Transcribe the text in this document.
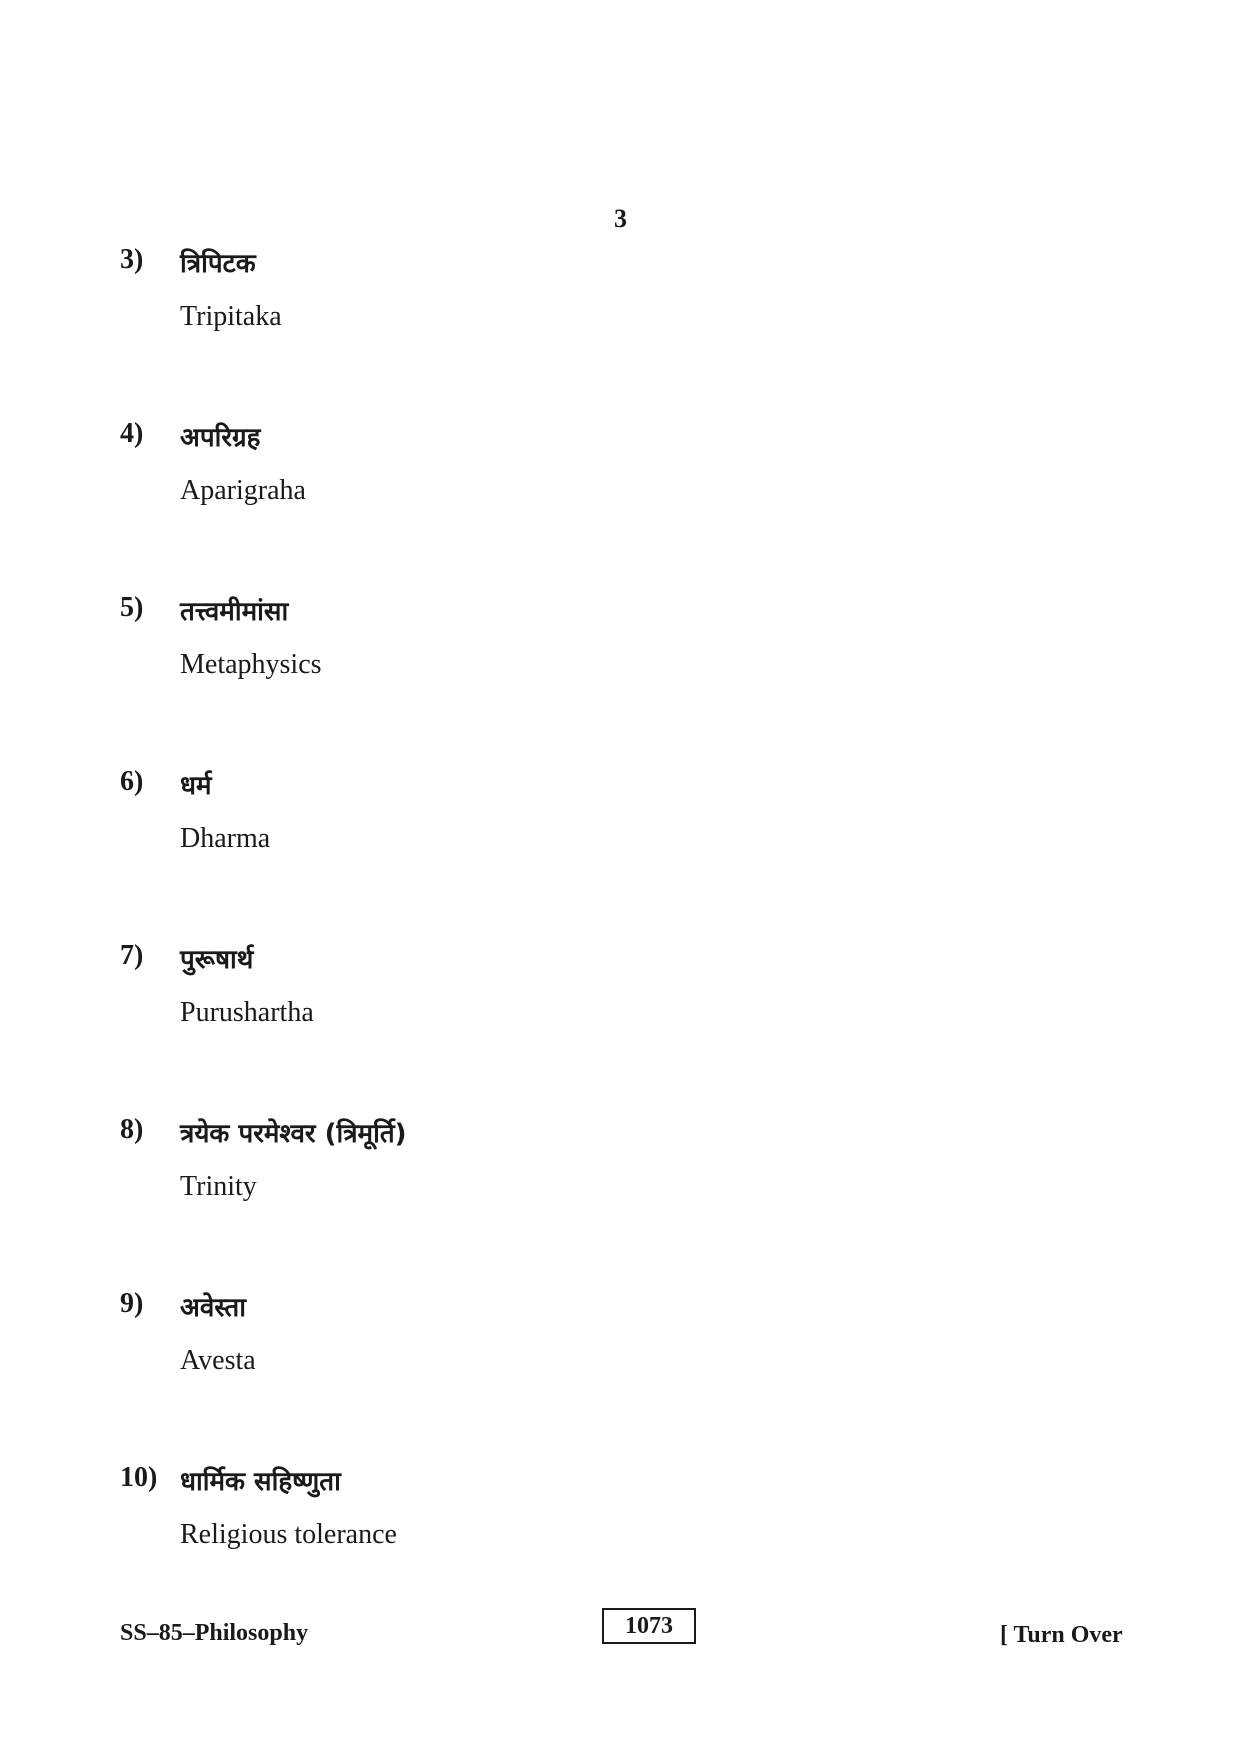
3
3) त्रिपिटक
Tripitaka
4) अपरिग्रह
Aparigraha
5) तत्त्वमीमांसा
Metaphysics
6) धर्म
Dharma
7) पुरूषार्थ
Purushartha
8) त्रयेक परमेश्वर (त्रिमूर्ति)
Trinity
9) अवेस्ता
Avesta
10) धार्मिक सहिष्णुता
Religious tolerance
SS–85–Philosophy	1073	[ Turn Over
